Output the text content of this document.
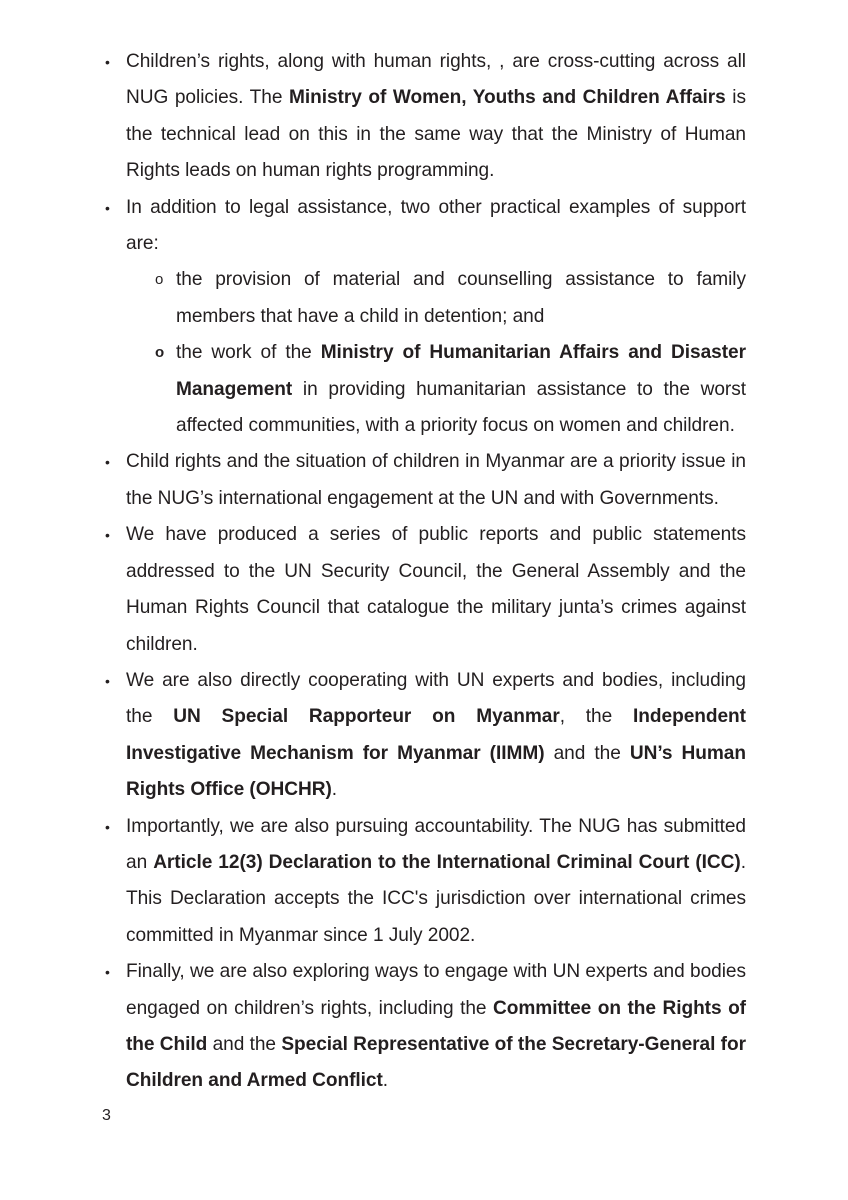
• Children’s rights, along with human rights, , are cross-cutting across all NUG policies. The Ministry of Women, Youths and Children Affairs is the technical lead on this in the same way that the Ministry of Human Rights leads on human rights programming.
• In addition to legal assistance, two other practical examples of support are:
o the provision of material and counselling assistance to family members that have a child in detention; and
o the work of the Ministry of Humanitarian Affairs and Disaster Management in providing humanitarian assistance to the worst affected communities, with a priority focus on women and children.
• Child rights and the situation of children in Myanmar are a priority issue in the NUG’s international engagement at the UN and with Governments.
• We have produced a series of public reports and public statements addressed to the UN Security Council, the General Assembly and the Human Rights Council that catalogue the military junta’s crimes against children.
• We are also directly cooperating with UN experts and bodies, including the UN Special Rapporteur on Myanmar, the Independent Investigative Mechanism for Myanmar (IIMM) and the UN’s Human Rights Office (OHCHR).
• Importantly, we are also pursuing accountability. The NUG has submitted an Article 12(3) Declaration to the International Criminal Court (ICC). This Declaration accepts the ICC's jurisdiction over international crimes committed in Myanmar since 1 July 2002.
• Finally, we are also exploring ways to engage with UN experts and bodies engaged on children’s rights, including the Committee on the Rights of the Child and the Special Representative of the Secretary-General for Children and Armed Conflict.
3
